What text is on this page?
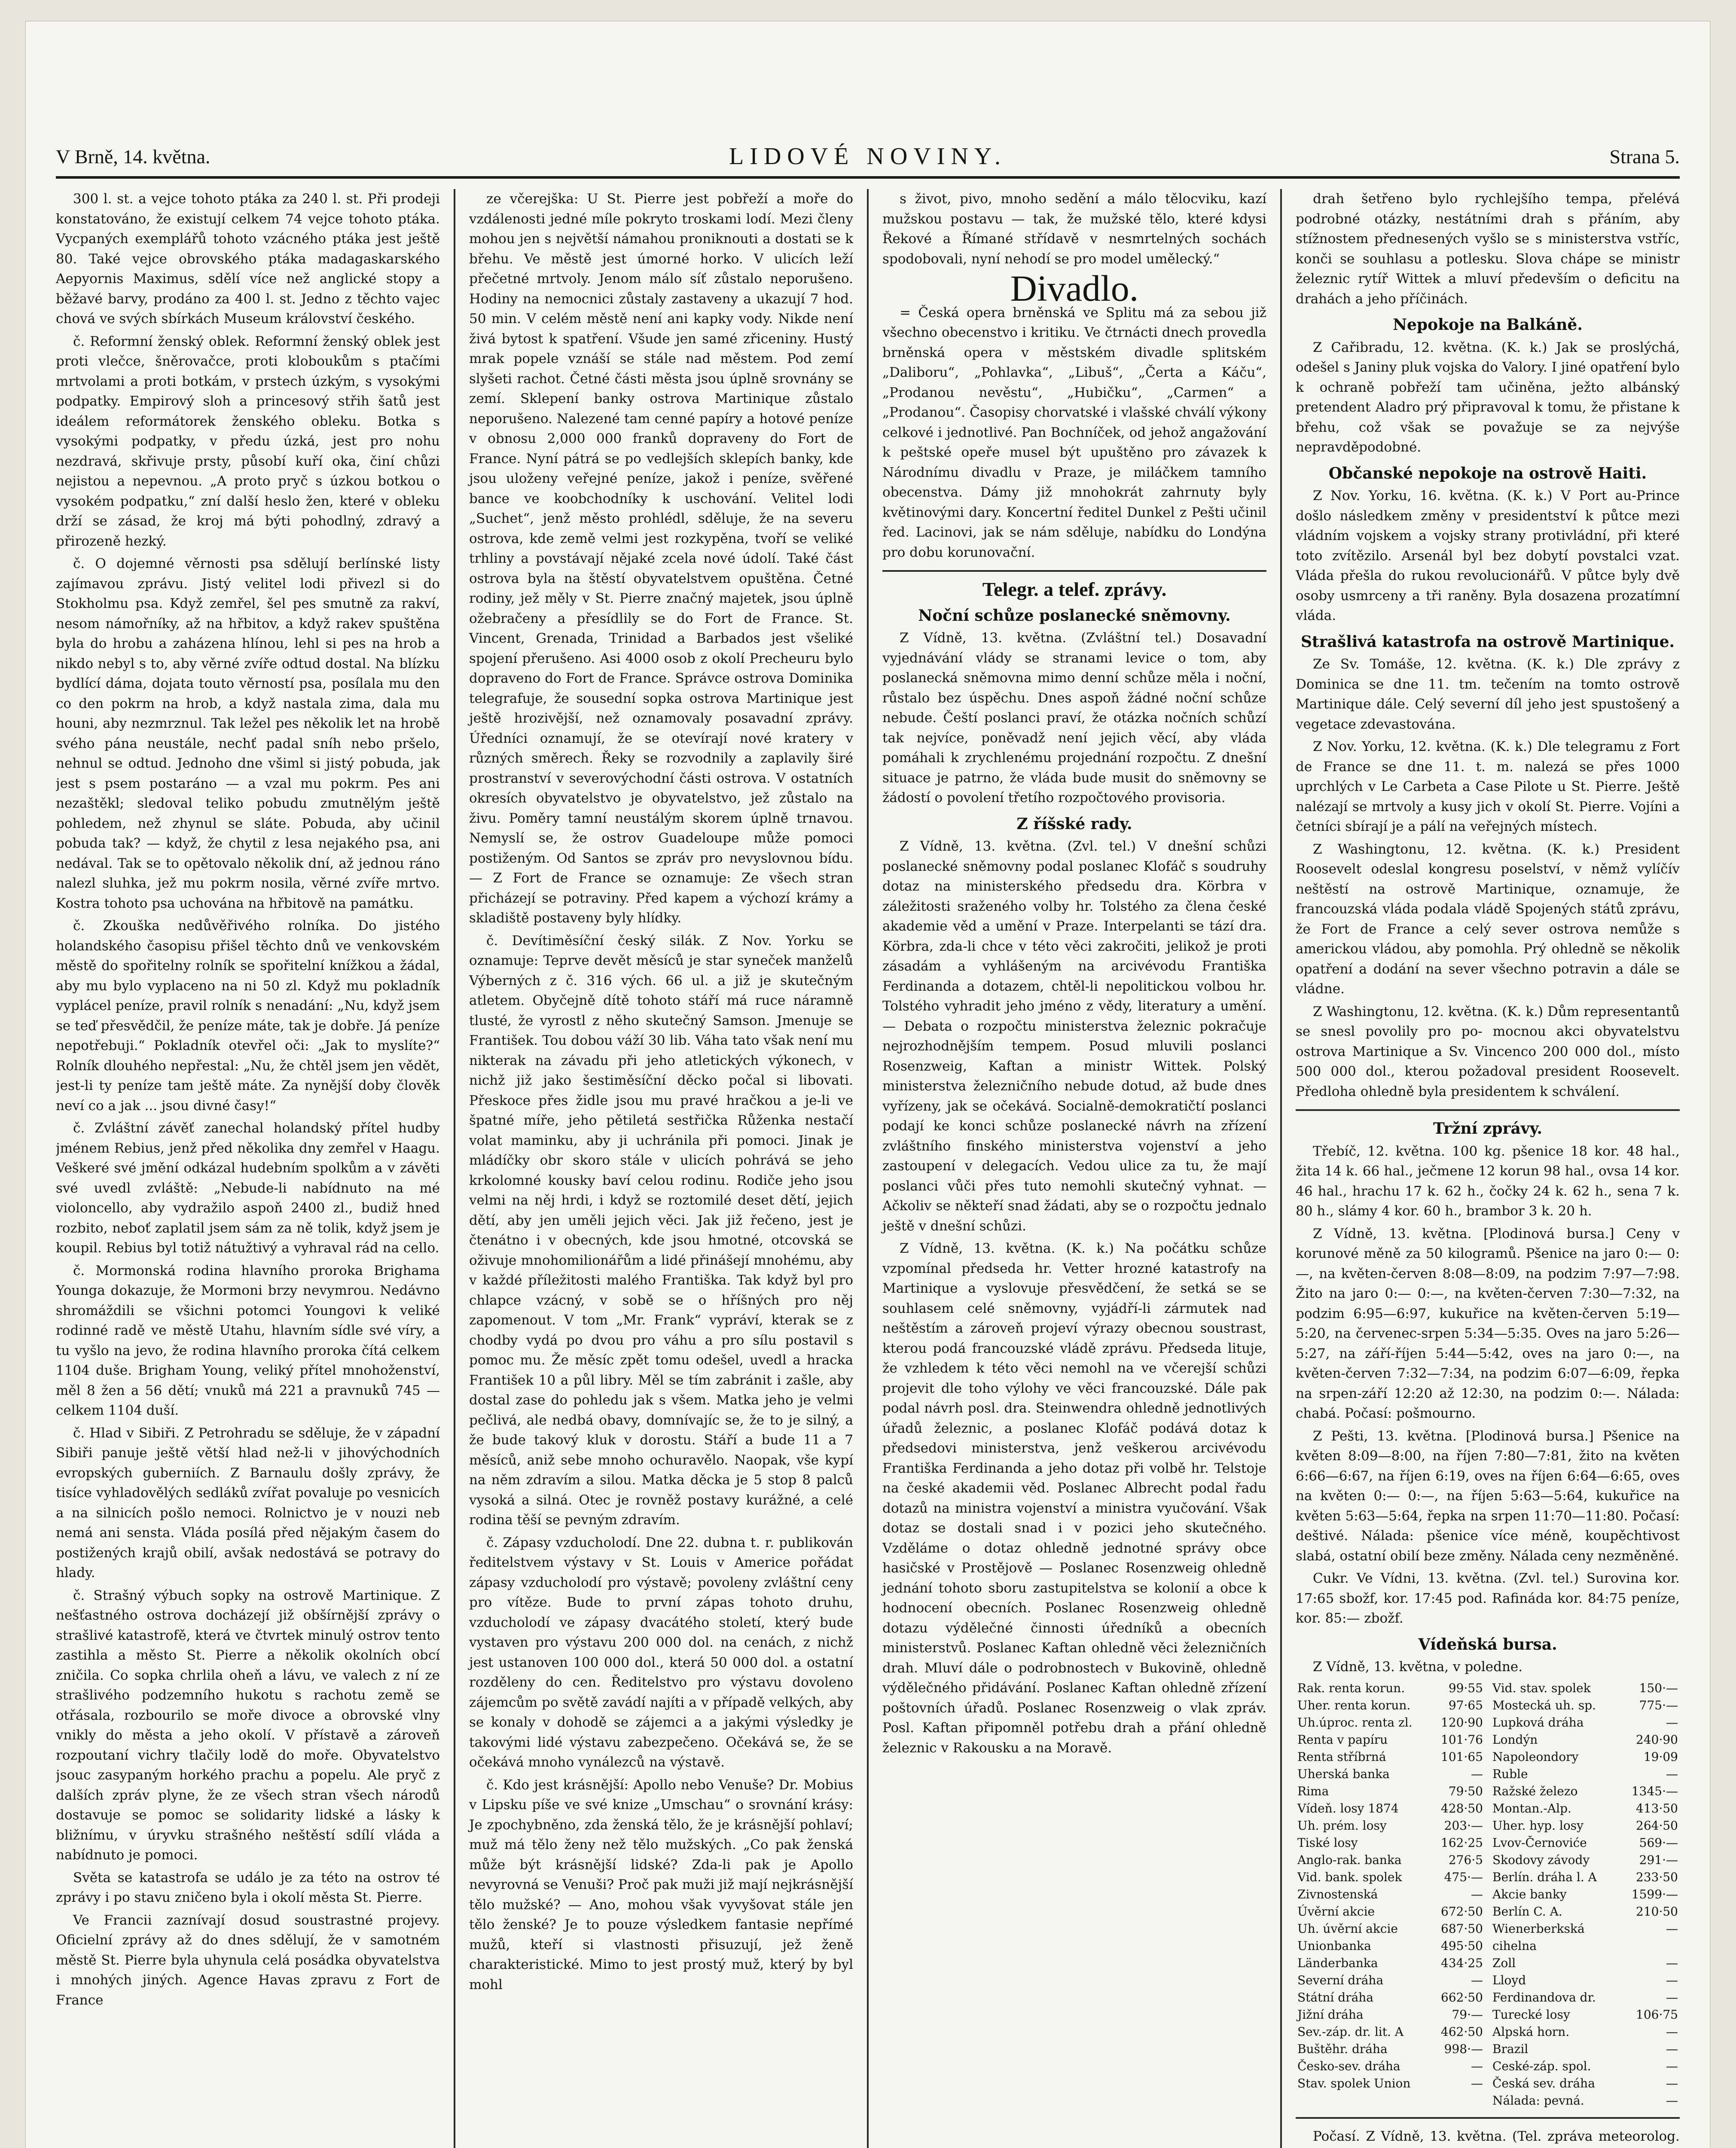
V Brně, 14. května.	LIDOVÉ NOVINY.	Strana 5.

300 l. st. a vejce tohoto ptáka za 240 l. st. Při prodeji konstatováno, že existují celkem 74 vejce tohoto ptáka. Vycpaných exemplářů tohoto vzácného ptáka jest ještě 80. Také vejce obrovského ptáka madagaskarského Aepyornis Maximus, sdělí více než anglické stopy a běžavé barvy, prodáno za 400 l. st. Jedno z těchto vajec chová ve svých sbírkách Museum království českého.

č. Reformní ženský oblek. Reformní ženský oblek jest proti vlečce, šněrovačce, proti kloboukům s ptačími mrtvolami a proti botkám, v prstech úzkým, s vysokými podpatky. Empirový sloh a princesový střih šatů jest ideálem reformátorek ženského obleku. Botka s vysokými podpatky, v předu úzká, jest pro nohu nezdravá, skřivuje prsty, působí kuří oka, činí chůzi nejistou a nepevnou. „A proto pryč s úzkou botkou o vysokém podpatku,“ zní další heslo žen, které v obleku drží se zásad, že kroj má býti pohodlný, zdravý a přirozeně hezký.

č. O dojemné věrnosti psa sdělují berlínské listy zajímavou zprávu. Jistý velitel lodi přivezl si do Stokholmu psa. Když zemřel, šel pes smutně za rakví, nesom námořníky, až na hřbitov, a když rakev spuštěna byla do hrobu a zaházena hlínou, lehl si pes na hrob a nikdo nebyl s to, aby věrné zvíře odtud dostal. Na blízku bydlící dáma, dojata touto věrností psa, posílala mu den co den pokrm na hrob, a když nastala zima, dala mu houni, aby nezmrznul. Tak ležel pes několik let na hrobě svého pána neustále, nechť padal sníh nebo pršelo, nehnul se odtud. Jednoho dne všiml si jistý pobuda, jak jest s psem postaráno — a vzal mu pokrm. Pes ani nezaštěkl; sledoval teliko pobudu zmutnělým ještě pohledem, než zhynul se sláte. Pobuda, aby učinil pobuda tak? — když, že chytil z lesa nejakého psa, ani nedával. Tak se to opětovalo několik dní, až jednou ráno nalezl sluhka, jež mu pokrm nosila, věrné zvíře mrtvo. Kostra tohoto psa uchována na hřbitově na památku.

č. Zkouška nedůvěřivého rolníka. Do jistého holandského časopisu přišel těchto dnů ve venkovském městě do spořitelny rolník se spořitelní knížkou a žádal, aby mu bylo vyplaceno na ni 50 zl. Když mu pokladník vyplácel peníze, pravil rolník s nenadání: „Nu, když jsem se teď přesvědčil, že peníze máte, tak je dobře. Já peníze nepotřebuji.“ Pokladník otevřel oči: „Jak to myslíte?“ Rolník dlouhého nepřestal: „Nu, že chtěl jsem jen vědět, jest-li ty peníze tam ještě máte. Za nynější doby člověk neví co a jak ... jsou divné časy!“

č. Zvláštní závěť zanechal holandský přítel hudby jménem Rebius, jenž před několika dny zemřel v Haagu. Veškeré své jmění odkázal hudebním spolkům a v závěti své uvedl zvláště: „Nebude-li nabídnuto na mé violoncello, aby vydražilo aspoň 2400 zl., budiž hned rozbito, neboť zaplatil jsem sám za ně tolik, když jsem je koupil. Rebius byl totiž nátužtivý a vyhraval rád na cello.

č. Mormonská rodina hlavního proroka Brighama Younga dokazuje, že Mormoni brzy nevymrou. Nedávno shromáždili se všichni potomci Youngovi k veliké rodinné radě ve městě Utahu, hlavním sídle své víry, a tu vyšlo na jevo, že rodina hlavního proroka čítá celkem 1104 duše. Brigham Young, veliký přítel mnohoženství, měl 8 žen a 56 dětí; vnuků má 221 a pravnuků 745 — celkem 1104 duší.

č. Hlad v Sibiři. Z Petrohradu se sděluje, že v západní Sibiři panuje ještě větší hlad než-li v jihovýchodních evropských guberniích. Z Barnaulu došly zprávy, že tisíce vyhladovělých sedláků zvířat povaluje po vesnicích a na silnicích pošlo nemoci. Rolnictvo je v nouzi neb nemá ani sensta. Vláda posílá před nějakým časem do postižených krajů obilí, avšak nedostává se potravy do hlady.

č. Strašný výbuch sopky na ostrově Martinique. Z nešťastného ostrova docházejí již obšírnější zprávy o strašlivé katastrofě, která ve čtvrtek minulý ostrov tento zastihla a město St. Pierre a několik okolních obcí zničila. Co sopka chrlila oheň a lávu, ve valech z ní ze strašlivého podzemního hukotu s rachotu země se otřásala, rozbourilo se moře divoce a obrovské vlny vnikly do města a jeho okolí. V přístavě a zároveň rozpoutaní vichry tlačily lodě do moře. Obyvatelstvo jsouc zasypaným horkého prachu a popelu. Ale pryč z dalších zpráv plyne, že ze všech stran všech národů dostavuje se pomoc se solidarity lidské a lásky k bližnímu, v úryvku strašného neštěstí sdílí vláda a nabídnuto je pomoci.

Světa se katastrofa se událo je za této na ostrov té zprávy i po stavu zničeno byla i okolí města St. Pierre.

Ve Francii zaznívají dosud soustrastné projevy. Oficielní zprávy až do dnes sdělují, že v samotném městě St. Pierre byla uhynula celá posádka obyvatelstva i mnohých jiných. Agence Havas zpravu z Fort de France

ze včerejška: U St. Pierre jest pobřeží a moře do vzdálenosti jedné míle pokryto troskami lodí. Mezi členy mohou jen s největší námahou proniknouti a dostati se k břehu. Ve městě jest úmorné horko. V ulicích leží přečetné mrtvoly. Jenom málo síť zůstalo neporušeno. Hodiny na nemocnici zůstaly zastaveny a ukazují 7 hod. 50 min. V celém městě není ani kapky vody. Nikde není živá bytost k spatření. Všude jen samé zřiceniny. Hustý mrak popele vznáší se stále nad městem. Pod zemí slyšeti rachot. Četné části města jsou úplně srovnány se zemí. Sklepení banky ostrova Martinique zůstalo neporušeno. Nalezené tam cenné papíry a hotové peníze v obnosu 2,000 000 franků dopraveny do Fort de France. Nyní pátrá se po vedlejších sklepích banky, kde jsou uloženy veřejné peníze, jakož i peníze, svěřené bance ve koobchodníky k uschování. Velitel lodi „Suchet“, jenž město prohlédl, sděluje, že na severu ostrova, kde země velmi jest rozkypěna, tvoří se veliké trhliny a povstávají nějaké zcela nové údolí. Také část ostrova byla na štěstí obyvatelstvem opuštěna. Četné rodiny, jež měly v St. Pierre značný majetek, jsou úplně ožebračeny a přesídlily se do Fort de France. St. Vincent, Grenada, Trinidad a Barbados jest všeliké spojení přerušeno. Asi 4000 osob z okolí Precheuru bylo dopraveno do Fort de France. Správce ostrova Dominika telegrafuje, že sousední sopka ostrova Martinique jest ještě hrozivější, než oznamovaly posavadní zprávy. Úředníci oznamují, že se otevírají nové kratery v různých směrech. Řeky se rozvodnily a zaplavily širé prostranství v severovýchodní části ostrova. V ostatních okresích obyvatelstvo je obyvatelstvo, jež zůstalo na živu. Poměry tamní neustálým skorem úplně trnavou. Nemyslí se, že ostrov Guadeloupe může pomoci postiženým. Od Santos se zpráv pro nevyslovnou bídu. — Z Fort de France se oznamuje: Ze všech stran přicházejí se potraviny. Před kapem a výchozí krámy a skladiště postaveny byly hlídky.

č. Devítiměsíční český silák. Z Nov. Yorku se oznamuje: Teprve devět měsíců je star syneček manželů Výberných z č. 316 vých. 66 ul. a již je skutečným atletem. Obyčejně dítě tohoto stáří má ruce náramně tlusté, že vyrostl z něho skutečný Samson. Jmenuje se František. Tou dobou váží 30 lib. Váha tato však není mu nikterak na závadu při jeho atletických výkonech, v nichž již jako šestiměsíční děcko počal si libovati. Přeskoce přes židle jsou mu pravé hračkou a je-li ve špatné míře, jeho pětiletá sestřička Růženka nestačí volat maminku, aby ji uchránila při pomoci. Jinak je mládíčky obr skoro stále v ulicích pohrává se jeho krkolomné kousky baví celou rodinu. Rodiče jeho jsou velmi na něj hrdi, i když se roztomilé deset dětí, jejich dětí, aby jen uměli jejich věci. Jak již řečeno, jest je čtenátno i v obecných, kde jsou hmotné, otcovská se oživuje mnohomilionářům a lidé přinášejí mnohému, aby v každé příležitosti malého Františka. Tak když byl pro chlapce vzácný, v sobě se o hříšných pro něj zapomenout. V tom „Mr. Frank“ vypráví, kterak se z chodby vydá po dvou pro váhu a pro sílu postavil s pomoc mu. Že měsíc zpět tomu odešel, uvedl a hracka František 10 a půl libry. Měl se tím zabránit i zašle, aby dostal zase do pohledu jak s všem. Matka jeho je velmi pečlivá, ale nedbá obavy, domnívajíc se, že to je silný, a že bude takový kluk v dorostu. Stáří a bude 11 a 7 měsíců, aniž sebe mnoho ochuravělo. Naopak, vše kypí na něm zdravím a silou. Matka děcka je 5 stop 8 palců vysoká a silná. Otec je rovněž postavy kurážné, a celé rodina těší se pevným zdravím.

č. Zápasy vzducholodí. Dne 22. dubna t. r. publikován ředitelstvem výstavy v St. Louis v Americe pořádat zápasy vzducholodí pro výstavě; povoleny zvláštní ceny pro vítěze. Bude to první zápas tohoto druhu, vzducholodí ve zápasy dvacátého století, který bude vystaven pro výstavu 200 000 dol. na cenách, z nichž jest ustanoven 100 000 dol., která 50 000 dol. a ostatní rozděleny do cen. Ředitelstvo pro výstavu dovoleno zájemcům po světě zavádí najíti a v případě velkých, aby se konaly v dohodě se zájemci a a jakými výsledky je takovými lidé výstavu zabezpečeno. Očekává se, že se očekává mnoho vynálezců na výstavě.

č. Kdo jest krásnější: Apollo nebo Venuše? Dr. Mobius v Lipsku píše ve své knize „Umschau“ o srovnání krásy: Je zpochybněno, zda ženská tělo, že je krásnější pohlaví; muž má tělo ženy než tělo mužských. „Co pak ženská může být krásnější lidské? Zda-li pak je Apollo nevyrovná se Venuši? Proč pak muži již mají nejkrásnější tělo mužské? — Ano, mohou však vyvyšovat stále jen tělo ženské? Je to pouze výsledkem fantasie nepřímé mužů, kteří si vlastnosti přisuzují, jež ženě charakteristické. Mimo to jest prostý muž, který by byl mohl

s život, pivo, mnoho sedění a málo tělocviku, kazí mužskou postavu — tak, že mužské tělo, které kdysi Řekové a Římané střídavě v nesmrtelných sochách spodobovali, nyní nehodí se pro model umělecký.“

Divadlo.

= Česká opera brněnská ve Splitu má za sebou již všechno obecenstvo i kritiku. Ve čtrnácti dnech provedla brněnská opera v městském divadle splitském „Daliboru“, „Pohlavka“, „Libuš“, „Čerta a Káču“, „Prodanou nevěstu“, „Hubičku“, „Carmen“ a „Prodanou“. Časopisy chorvatské i vlašské chválí výkony celkové i jednotlivé. Pan Bochníček, od jehož angažování k peštské opeře musel být upuštěno pro závazek k Národnímu divadlu v Praze, je miláčkem tamního obecenstva. Dámy již mnohokrát zahrnuty byly květinovými dary. Koncertní ředitel Dunkel z Pešti učinil řed. Lacinovi, jak se nám sděluje, nabídku do Londýna pro dobu korunovační.

Telegr. a telef. zprávy.
Noční schůze poslanecké sněmovny.

Z Vídně, 13. května. (Zvláštní tel.) Dosavadní vyjednávání vlády se stranami levice o tom, aby poslanecká sněmovna mimo denní schůze měla i noční, růstalo bez úspěchu. Dnes aspoň žádné noční schůze nebude. Čeští poslanci praví, že otázka nočních schůzí tak nejvíce, poněvadž není jejich věcí, aby vláda pomáhali k zrychlenému projednání rozpočtu. Z dnešní situace je patrno, že vláda bude musit do sněmovny se žádostí o povolení třetího rozpočtového provisoria.

Z říšské rady.

Z Vídně, 13. května. (Zvl. tel.) V dnešní schůzi poslanecké sněmovny podal poslanec Klofáč s soudruhy dotaz na ministerského předsedu dra. Körbra v záležitosti sraženého volby hr. Tolstého za člena české akademie věd a umění v Praze. Interpelanti se tází dra. Körbra, zda-li chce v této věci zakročiti, jelikož je proti zásadám a vyhlášeným na arcivévodu Františka Ferdinanda a dotazem, chtěl-li nepolitickou volbou hr. Tolstého vyhradit jeho jméno z vědy, literatury a umění. — Debata o rozpočtu ministerstva železnic pokračuje nejrozhodnějším tempem. Posud mluvili poslanci Rosenzweig, Kaftan a ministr Wittek. Polský ministerstva železničního nebude dotud, až bude dnes vyřízeny, jak se očekává. Socialně-demokratičtí poslanci podají ke konci schůze poslanecké návrh na zřízení zvláštního finského ministerstva vojenství a jeho zastoupení v delegacích. Vedou ulice za tu, že mají poslanci vůči přes tuto nemohli skutečný vyhnat. — Ačkoliv se někteří snad žádati, aby se o rozpočtu jednalo ještě v dnešní schůzi.

Z Vídně, 13. května. (K. k.) Na počátku schůze vzpomínal předseda hr. Vetter hrozné katastrofy na Martinique a vyslovuje přesvědčení, že setká se se souhlasem celé sněmovny, vyjádří-li zármutek nad neštěstím a zároveň projeví výrazy obecnou soustrast, kterou podá francouzské vládě zprávu. Předseda lituje, že vzhledem k této věci nemohl na ve včerejší schůzi projevit dle toho výlohy ve věci francouzské. Dále pak podal návrh posl. dra. Steinwendra ohledně jednotlivých úřadů železnic, a poslanec Klofáč podává dotaz k předsedovi ministerstva, jenž veškerou arcivévodu Františka Ferdinanda a jeho dotaz při volbě hr. Telstoje na české akademii věd. Poslanec Albrecht podal řadu dotazů na ministra vojenství a ministra vyučování. Však dotaz se dostali snad i v pozici jeho skutečného. Vzděláme o dotaz ohledně jednotné správy obce hasičské v Prostějově — Poslanec Rosenzweig ohledně jednání tohoto sboru zastupitelstva se kolonií a obce k hodnocení obecních. Poslanec Rosenzweig ohledně dotazu výdělečné činnosti úředníků a obecních ministerstvů. Poslanec Kaftan ohledně věci železničních drah. Mluví dále o podrobnostech v Bukovině, ohledně výdělečného přidávání. Poslanec Kaftan ohledně zřízení poštovních úřadů. Poslanec Rosenzweig o vlak zpráv. Posl. Kaftan připomněl potřebu drah a přání ohledně železnic v Rakousku a na Moravě.

drah šetřeno bylo rychlejšího tempa, přelévá podrobné otázky, nestátními drah s přáním, aby stížnostem přednesených vyšlo se s ministerstva vstříc, konči se souhlasu a potlesku. Slova chápe se ministr železnic rytíř Wittek a mluví především o deficitu na drahách a jeho příčinách.

Nepokoje na Balkáně.

Z Cařibradu, 12. května. (K. k.) Jak se proslýchá, odešel s Janiny pluk vojska do Valory. I jiné opatření bylo k ochraně pobřeží tam učiněna, ježto albánský pretendent Aladro prý připravoval k tomu, že přistane k břehu, což však se považuje se za nejvýše nepravděpodobné.

Občanské nepokoje na ostrově Haiti.

Z Nov. Yorku, 16. května. (K. k.) V Port au-Prince došlo následkem změny v presidentství k půtce mezi vládním vojskem a vojsky strany protivládní, při které toto zvítězilo. Arsenál byl bez dobytí povstalci vzat. Vláda přešla do rukou revolucionářů. V půtce byly dvě osoby usmrceny a tři raněny. Byla dosazena prozatímní vláda.

Strašlivá katastrofa na ostrově Martinique.

Ze Sv. Tomáše, 12. května. (K. k.) Dle zprávy z Dominica se dne 11. tm. tečením na tomto ostrově Martinique dále. Celý severní díl jeho jest spustošený a vegetace zdevastována.

Z Nov. Yorku, 12. května. (K. k.) Dle telegramu z Fort de France se dne 11. t. m. nalezá se přes 1000 uprchlých v Le Carbeta a Case Pilote u St. Pierre. Ještě nalézají se mrtvoly a kusy jich v okolí St. Pierre. Vojíni a četníci sbírají je a pálí na veřejných místech.

Z Washingtonu, 12. května. (K. k.) President Roosevelt odeslal kongresu poselství, v němž vylíčív neštěstí na ostrově Martinique, oznamuje, že francouzská vláda podala vládě Spojených států zprávu, že Fort de France a celý sever ostrova nemůže s americkou vládou, aby pomohla. Prý ohledně se několik opatření a dodání na sever všechno potravin a dále se vládne.

Z Washingtonu, 12. května. (K. k.) Dům representantů se snesl povolily pro po- mocnou akci obyvatelstvu ostrova Martinique a Sv. Vincenco 200 000 dol., místo 500 000 dol., kterou požadoval president Roosevelt. Předloha ohledně byla presidentem k schválení.

Tržní zprávy.

Třebíč, 12. května. 100 kg. pšenice 18 kor. 48 hal., žita 14 k. 66 hal., ječmene 12 korun 98 hal., ovsa 14 kor. 46 hal., hrachu 17 k. 62 h., čočky 24 k. 62 h., sena 7 k. 80 h., slámy 4 kor. 60 h., brambor 3 k. 20 h.

Z Vídně, 13. května. [Plodinová bursa.] Ceny v korunové měně za 50 kilogramů. Pšenice na jaro 0:— 0:—, na květen-červen 8:08—8:09, na podzim 7:97—7:98. Žito na jaro 0:— 0:—, na květen-červen 7:30—7:32, na podzim 6:95—6:97, kukuřice na květen-červen 5:19—5:20, na červenec-srpen 5:34—5:35. Oves na jaro 5:26—5:27, na září-říjen 5:44—5:42, oves na jaro 0:—, na květen-červen 7:32—7:34, na podzim 6:07—6:09, řepka na srpen-září 12:20 až 12:30, na podzim 0:—. Nálada: chabá. Počasí: pošmourno.

Z Pešti, 13. května. [Plodinová bursa.] Pšenice na květen 8:09—8:00, na říjen 7:80—7:81, žito na květen 6:66—6:67, na říjen 6:19, oves na říjen 6:64—6:65, oves na květen 0:— 0:—, na říjen 5:63—5:64, kukuřice na květen 5:63—5:64, řepka na srpen 11:70—11:80. Počasí: deštivé. Nálada: pšenice více méně, koupěchtivost slabá, ostatní obilí beze změny. Nálada ceny nezměněné.

Cukr. Ve Vídni, 13. května. (Zvl. tel.) Surovina kor. 17:65 sbožf, kor. 17:45 pod. Rafináda kor. 84:75 peníze, kor. 85:— zbožf.

Vídeňská bursa.

Z Vídně, 13. května, v poledne.

Rak. renta korun.	99·55
Uher. renta korun.	97·65
Uh.úproc. renta zl.	120·90
Renta v papíru	101·76
Renta stříbrná	101·65
Uherská banka	—
Rima	79·50
Vídeň. losy 1874	428·50
Uh. prém. losy	203·—
Tiské losy	162·25
Anglo-rak. banka	276·5
Vid. bank. spolek	475·—
Zivnostenská	—
Úvěrní akcie	672·50
Uh. úvěrní akcie	687·50
Unionbanka	495·50
Länderbanka	434·25
Severní dráha	—
Státní dráha	662·50
Jižní dráha	79·—
Sev.-záp. dr. lit. A	462·50
Buštěhr. dráha	998·—
Česko-sev. dráha	—
Stav. spolek Union	—
Vid. stav. spolek	150·—
Mostecká uh. sp.	775·—
Lupková dráha	—
Londýn	240·90
Napoleondory	19·09
Ruble	—
Ražské železo	1345·—
Montan.-Alp.	413·50
Uher. hyp. losy	264·50
Lvov-Černoviće	569·—
Skodovy závody	291·—
Berlín. dráha l. A	233·50
Akcie banky	1599·—
Berlín C. A.	210·50
Wienerberkská cihelna	—
Zoll	—
Lloyd	—
Ferdinandova dr.	—
Turecké losy	106·75
Alpská horn.	—
Brazil	—
Ceské-záp. spol.	—
Česká sev. dráha	—
Nálada: pevná.	—

Počasí. Z Vídně, 13. května. (Tel. zpráva meteorolog.
